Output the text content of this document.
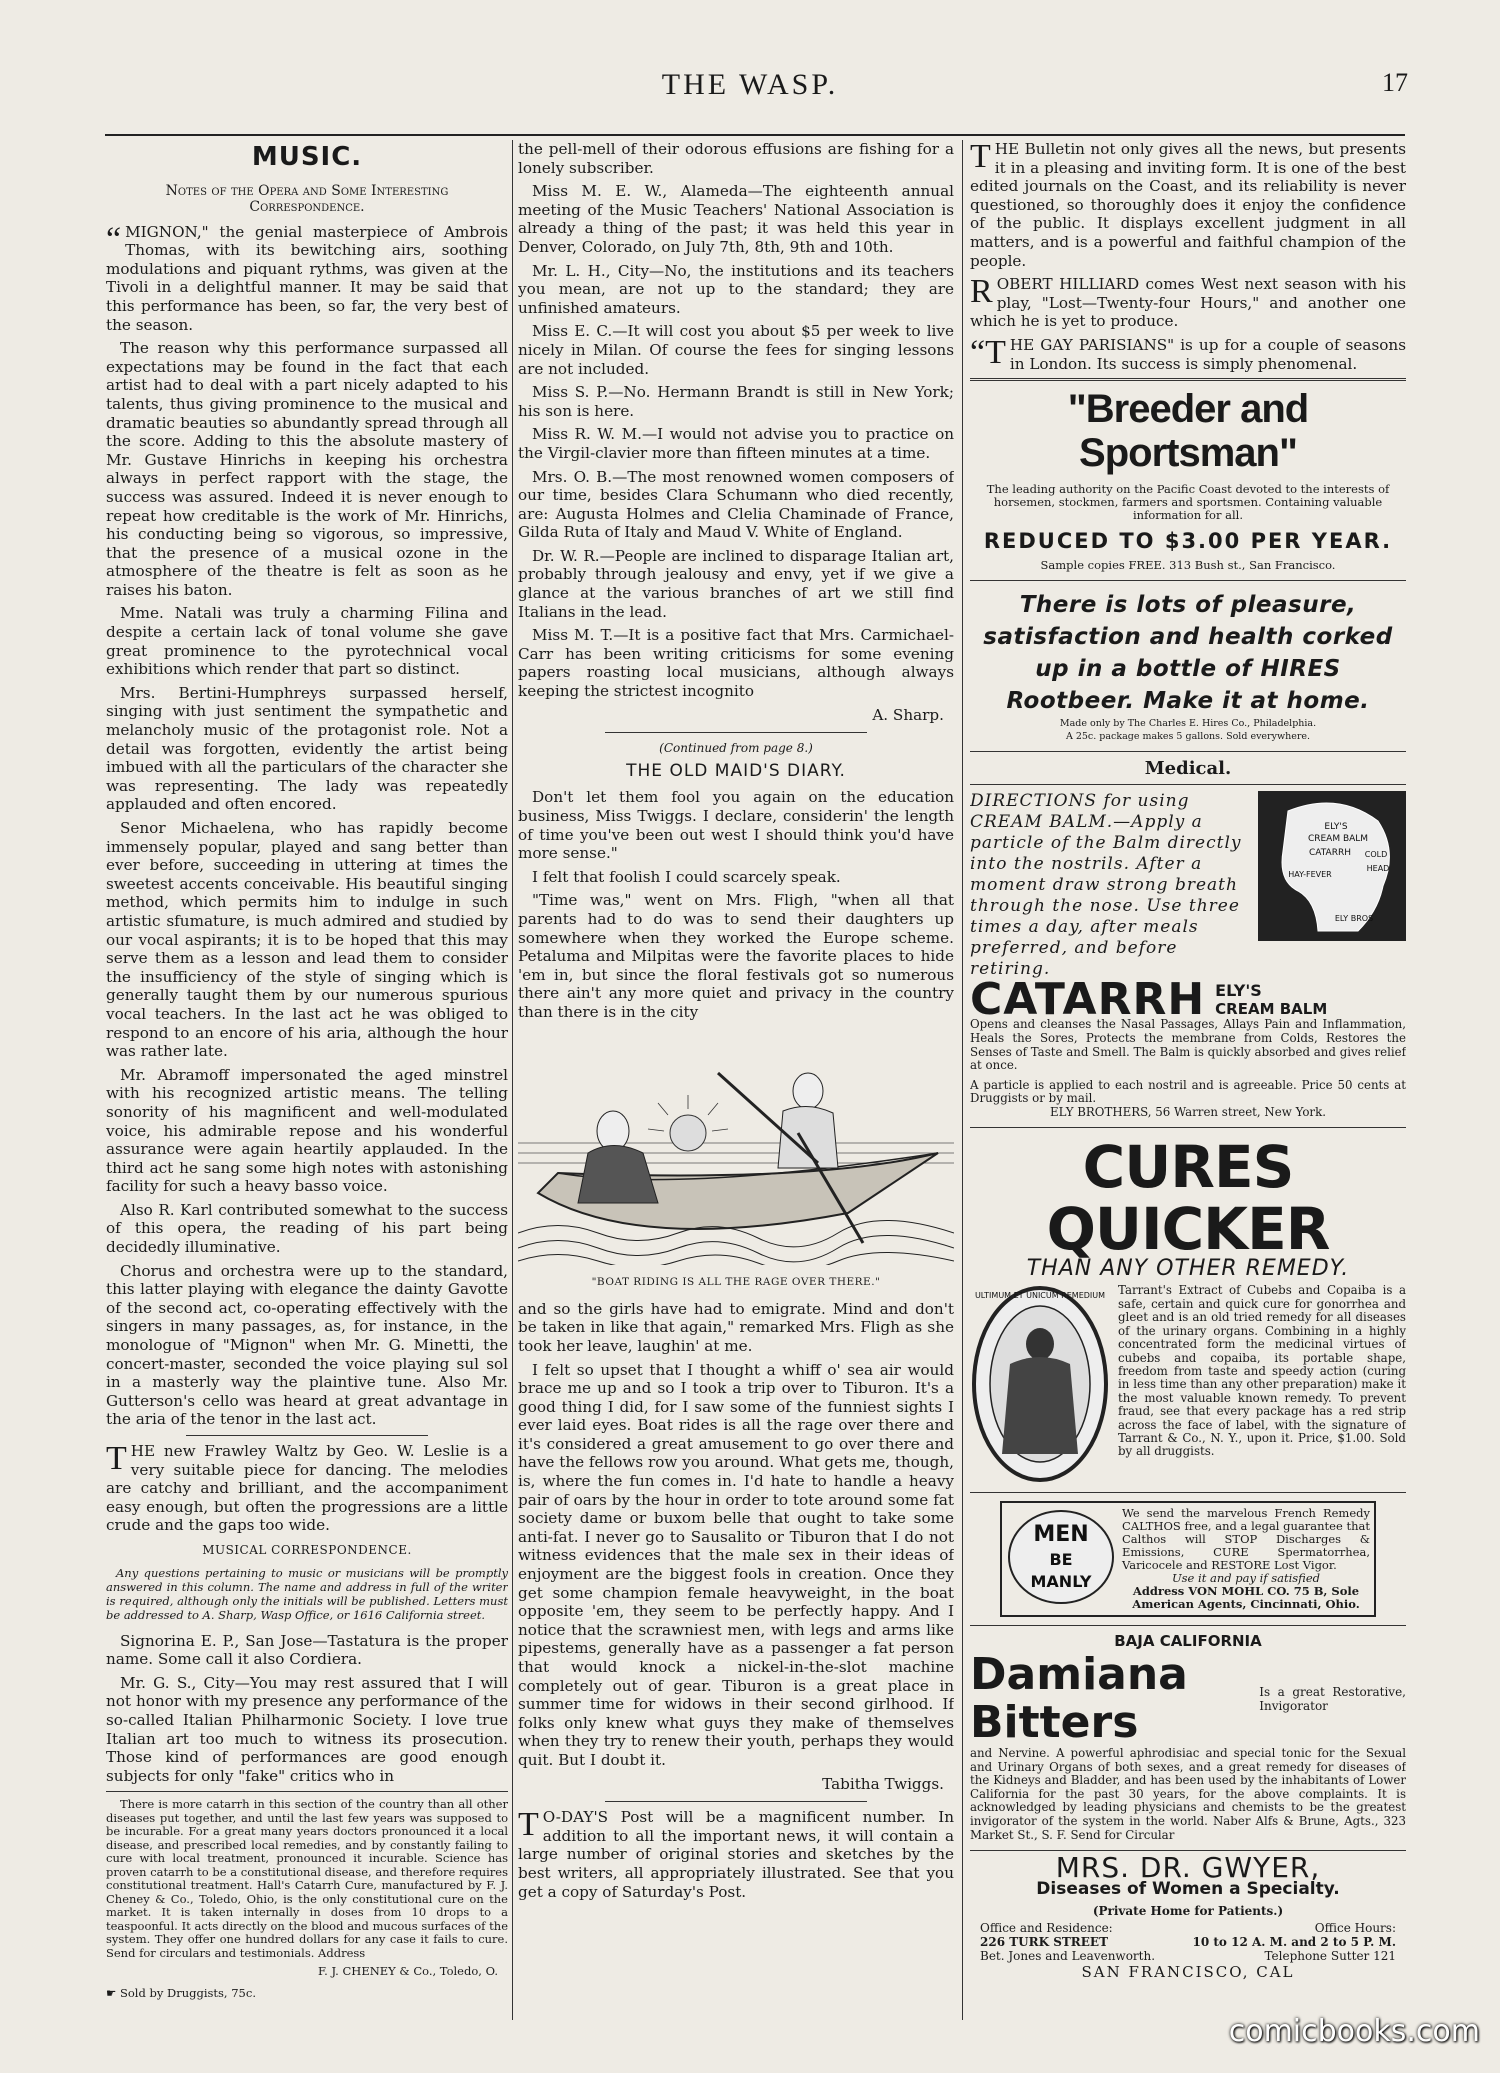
THE WASP.	17
MUSIC.
Notes of the Opera and Some Interesting Correspondence.

“ MIGNON," the genial masterpiece of Ambrois Thomas, with its bewitching airs, soothing modulations and piquant rythms, was given at the Tivoli in a delightful manner. It may be said that this performance has been, so far, the very best of the season.

The reason why this performance surpassed all expectations may be found in the fact that each artist had to deal with a part nicely adapted to his talents, thus giving prominence to the musical and dramatic beauties so abundantly spread through all the score. Adding to this the absolute mastery of Mr. Gustave Hinrichs in keeping his orchestra always in perfect rapport with the stage, the success was assured. Indeed it is never enough to repeat how creditable is the work of Mr. Hinrichs, his conducting being so vigorous, so impressive, that the presence of a musical ozone in the atmosphere of the theatre is felt as soon as he raises his baton.

Mme. Natali was truly a charming Filina and despite a certain lack of tonal volume she gave great prominence to the pyrotechnical vocal exhibitions which render that part so distinct.

Mrs. Bertini-Humphreys surpassed herself, singing with just sentiment the sympathetic and melancholy music of the protagonist role. Not a detail was forgotten, evidently the artist being imbued with all the particulars of the character she was representing. The lady was repeatedly applauded and often encored.

Senor Michaelena, who has rapidly become immensely popular, played and sang better than ever before, succeeding in uttering at times the sweetest accents conceivable. His beautiful singing method, which permits him to indulge in such artistic sfumature, is much admired and studied by our vocal aspirants; it is to be hoped that this may serve them as a lesson and lead them to consider the insufficiency of the style of singing which is generally taught them by our numerous spurious vocal teachers. In the last act he was obliged to respond to an encore of his aria, although the hour was rather late.

Mr. Abramoff impersonated the aged minstrel with his recognized artistic means. The telling sonority of his magnificent and well-modulated voice, his admirable repose and his wonderful assurance were again heartily applauded. In the third act he sang some high notes with astonishing facility for such a heavy basso voice.

Also R. Karl contributed somewhat to the success of this opera, the reading of his part being decidedly illuminative.

Chorus and orchestra were up to the standard, this latter playing with elegance the dainty Gavotte of the second act, co-operating effectively with the singers in many passages, as, for instance, in the monologue of "Mignon" when Mr. G. Minetti, the concert-master, seconded the voice playing sul sol in a masterly way the plaintive tune. Also Mr. Gutterson's cello was heard at great advantage in the aria of the tenor in the last act.

THE new Frawley Waltz by Geo. W. Leslie is a very suitable piece for dancing. The melodies are catchy and brilliant, and the accompaniment easy enough, but often the progressions are a little crude and the gaps too wide.

MUSICAL CORRESPONDENCE.

Any questions pertaining to music or musicians will be promptly answered in this column. The name and address in full of the writer is required, although only the initials will be published. Letters must be addressed to A. Sharp, Wasp Office, or 1616 California street.

Signorina E. P., San Jose—Tastatura is the proper name. Some call it also Cordiera.

Mr. G. S., City—You may rest assured that I will not honor with my presence any performance of the so-called Italian Philharmonic Society. I love true Italian art too much to witness its prosecution. Those kind of performances are good enough subjects for only "fake" critics who in

There is more catarrh in this section of the country than all other diseases put together, and until the last few years was supposed to be incurable. For a great many years doctors pronounced it a local disease, and prescribed local remedies, and by constantly failing to cure with local treatment, pronounced it incurable. Science has proven catarrh to be a constitutional disease, and therefore requires constitutional treatment. Hall's Catarrh Cure, manufactured by F. J. Cheney & Co., Toledo, Ohio, is the only constitutional cure on the market. It is taken internally in doses from 10 drops to a teaspoonful. It acts directly on the blood and mucous surfaces of the system. They offer one hundred dollars for any case it fails to cure. Send for circulars and testimonials. Address

F. J. CHENEY & Co., Toledo, O.
☛ Sold by Druggists, 75c.

the pell-mell of their odorous effusions are fishing for a lonely subscriber.

Miss M. E. W., Alameda—The eighteenth annual meeting of the Music Teachers' National Association is already a thing of the past; it was held this year in Denver, Colorado, on July 7th, 8th, 9th and 10th.

Mr. L. H., City—No, the institutions and its teachers you mean, are not up to the standard; they are unfinished amateurs.

Miss E. C.—It will cost you about $5 per week to live nicely in Milan. Of course the fees for singing lessons are not included.

Miss S. P.—No. Hermann Brandt is still in New York; his son is here.

Miss R. W. M.—I would not advise you to practice on the Virgil-clavier more than fifteen minutes at a time.

Mrs. O. B.—The most renowned women composers of our time, besides Clara Schumann who died recently, are: Augusta Holmes and Clelia Chaminade of France, Gilda Ruta of Italy and Maud V. White of England.

Dr. W. R.—People are inclined to disparage Italian art, probably through jealousy and envy, yet if we give a glance at the various branches of art we still find Italians in the lead.

Miss M. T.—It is a positive fact that Mrs. Carmichael-Carr has been writing criticisms for some evening papers roasting local musicians, although always keeping the strictest incognito

A. Sharp.
(Continued from page 8.)
THE OLD MAID'S DIARY.

Don't let them fool you again on the education business, Miss Twiggs. I declare, considerin' the length of time you've been out west I should think you'd have more sense."

I felt that foolish I could scarcely speak.

"Time was," went on Mrs. Fligh, "when all that parents had to do was to send their daughters up somewhere when they worked the Europe scheme. Petaluma and Milpitas were the favorite places to hide 'em in, but since the floral festivals got so numerous there ain't any more quiet and privacy in the country than there is in the city

"BOAT RIDING IS ALL THE RAGE OVER THERE."

and so the girls have had to emigrate. Mind and don't be taken in like that again," remarked Mrs. Fligh as she took her leave, laughin' at me.

I felt so upset that I thought a whiff o' sea air would brace me up and so I took a trip over to Tiburon. It's a good thing I did, for I saw some of the funniest sights I ever laid eyes. Boat rides is all the rage over there and it's considered a great amusement to go over there and have the fellows row you around. What gets me, though, is, where the fun comes in. I'd hate to handle a heavy pair of oars by the hour in order to tote around some fat society dame or buxom belle that ought to take some anti-fat. I never go to Sausalito or Tiburon that I do not witness evidences that the male sex in their ideas of enjoyment are the biggest fools in creation. Once they get some champion female heavyweight, in the boat opposite 'em, they seem to be perfectly happy. And I notice that the scrawniest men, with legs and arms like pipestems, generally have as a passenger a fat person that would knock a nickel-in-the-slot machine completely out of gear. Tiburon is a great place in summer time for widows in their second girlhood. If folks only knew what guys they make of themselves when they try to renew their youth, perhaps they would quit. But I doubt it.

Tabitha Twiggs.

T O-DAY'S Post will be a magnificent number. In addition to all the important news, it will contain a large number of original stories and sketches by the best writers, all appropriately illustrated. See that you get a copy of Saturday's Post.

THE Bulletin not only gives all the news, but presents it in a pleasing and inviting form. It is one of the best edited journals on the Coast, and its reliability is never questioned, so thoroughly does it enjoy the confidence of the public. It displays excellent judgment in all matters, and is a powerful and faithful champion of the people.

ROBERT HILLIARD comes West next season with his play, "Lost—Twenty-four Hours," and another one which he is yet to produce.

“THE GAY PARISIANS" is up for a couple of seasons in London. Its success is simply phenomenal.

"Breeder and Sportsman"
The leading authority on the Pacific Coast devoted to the interests of horsemen, stockmen, farmers and sportsmen. Containing valuable information for all.
REDUCED TO $3.00 PER YEAR.
Sample copies FREE. 313 Bush st., San Francisco.
There is lots of pleasure,
satisfaction and health corked
up in a bottle of HIRES
Rootbeer. Make it at home.
Made only by The Charles E. Hires Co., Philadelphia.
A 25c. package makes 5 gallons. Sold everywhere.
Medical.
DIRECTIONS for using CREAM BALM.—Apply a particle of the Balm directly into the nostrils. After a moment draw strong breath through the nose. Use three times a day, after meals preferred, and before retiring.
ELY'S
CREAM BALM
CATARRH
HAY-FEVER
COLD
HEAD
ELY BROS
CATARRH ELY'S
CREAM BALM
Opens and cleanses the Nasal Passages, Allays Pain and Inflammation, Heals the Sores, Protects the membrane from Colds, Restores the Senses of Taste and Smell. The Balm is quickly absorbed and gives relief at once.
A particle is applied to each nostril and is agreeable. Price 50 cents at Druggists or by mail.
ELY BROTHERS, 56 Warren street, New York.
CURES QUICKER
THAN ANY OTHER REMEDY.
ULTIMUM ET UNICUM REMEDIUM Tarrant's Extract of Cubebs and Copaiba is a safe, certain and quick cure for gonorrhea and gleet and is an old tried remedy for all diseases of the urinary organs. Combining in a highly concentrated form the medicinal virtues of cubebs and copaiba, its portable shape, freedom from taste and speedy action (curing in less time than any other preparation) make it the most valuable known remedy. To prevent fraud, see that every package has a red strip across the face of label, with the signature of Tarrant & Co., N. Y., upon it. Price, $1.00. Sold by all druggists.
MEN
BE
MANLY
We send the marvelous French Remedy CALTHOS free, and a legal guarantee that Calthos will STOP Discharges & Emissions, CURE Spermatorrhea, Varicocele and RESTORE Lost Vigor.
Use it and pay if satisfied
Address VON MOHL CO. 75 B, Sole American Agents, Cincinnati, Ohio.
BAJA CALIFORNIA
Damiana Bitters
Is a great Restorative, Invigorator
and Nervine. A powerful aphrodisiac and special tonic for the Sexual and Urinary Organs of both sexes, and a great remedy for diseases of the Kidneys and Bladder, and has been used by the inhabitants of Lower California for the past 30 years, for the above complaints. It is acknowledged by leading physicians and chemists to be the greatest invigorator of the system in the world. Naber Alfs & Brune, Agts., 323 Market St., S. F. Send for Circular
MRS. DR. GWYER,
Diseases of Women a Specialty.
(Private Home for Patients.)
Office and Residence:
226 TURK STREET
Bet. Jones and Leavenworth.
Office Hours:
10 to 12 A. M. and 2 to 5 P. M.
Telephone Sutter 121
SAN FRANCISCO, CAL
comicbooks.com
